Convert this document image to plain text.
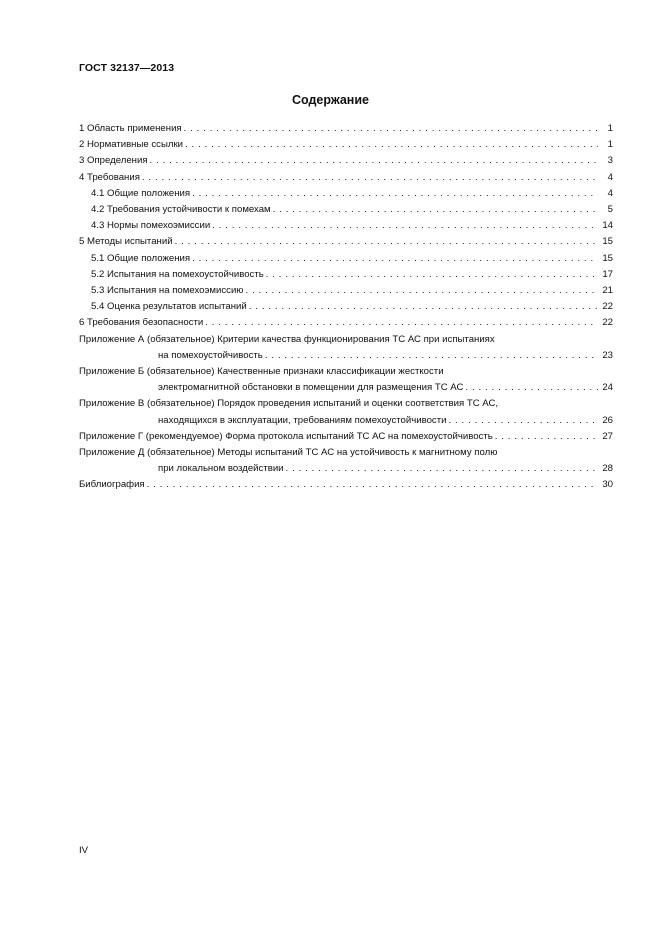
ГОСТ 32137—2013
Содержание
1 Область применения . . .	1
2 Нормативные ссылки . . .	1
3 Определения . . .	3
4 Требования . . .	4
4.1 Общие положения . . .	4
4.2 Требования устойчивости к помехам . . .	5
4.3 Нормы помехоэмиссии . . .	14
5 Методы испытаний . . .	15
5.1 Общие положения . . .	15
5.2 Испытания на помехоустойчивость . . .	17
5.3 Испытания на помехоэмиссию . . .	21
5.4 Оценка результатов испытаний . . .	22
6 Требования безопасности . . .	22
Приложение А (обязательное) Критерии качества функционирования ТС АС при испытаниях
на помехоустойчивость . . .	23
Приложение Б (обязательное) Качественные признаки классификации жесткости
электромагнитной обстановки в помещении для размещения ТС АС . . .	24
Приложение В (обязательное) Порядок проведения испытаний и оценки соответствия ТС АС,
находящихся в эксплуатации, требованиям помехоустойчивости . . .	26
Приложение Г (рекомендуемое) Форма протокола испытаний ТС АС на помехоустойчивость . . .	27
Приложение Д (обязательное) Методы испытаний ТС АС на устойчивость к магнитному полю
при локальном воздействии . . .	28
Библиография . . .	30
IV
